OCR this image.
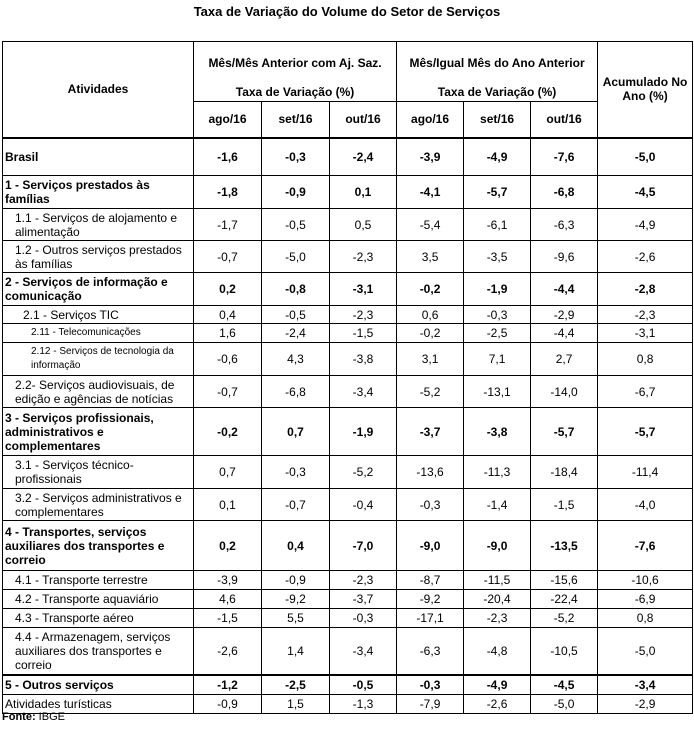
Taxa de Variação do Volume do Setor de Serviços
Atividades	Mês/Mês Anterior com Aj. Saz.			Mês/Igual Mês do Ano Anterior			Acumulado No Ano (%)
	Taxa de Variação (%)			Taxa de Variação (%)			
	ago/16	set/16	out/16	ago/16	set/16	out/16	
Brasil	-1,6	-0,3	-2,4	-3,9	-4,9	-7,6	-5,0
1 - Serviços prestados às famílias	-1,8	-0,9	0,1	-4,1	-5,7	-6,8	-4,5
1.1 - Serviços de alojamento e alimentação	-1,7	-0,5	0,5	-5,4	-6,1	-6,3	-4,9
1.2 - Outros serviços prestados às famílias	-0,7	-5,0	-2,3	3,5	-3,5	-9,6	-2,6
2 - Serviços de informação e comunicação	0,2	-0,8	-3,1	-0,2	-1,9	-4,4	-2,8
2.1 - Serviços TIC	0,4	-0,5	-2,3	0,6	-0,3	-2,9	-2,3
2.11 - Telecomunicações	1,6	-2,4	-1,5	-0,2	-2,5	-4,4	-3,1
2.12 - Serviços de tecnologia da informação	-0,6	4,3	-3,8	3,1	7,1	2,7	0,8
2.2- Serviços audiovisuais, de edição e agências de notícias	-0,7	-6,8	-3,4	-5,2	-13,1	-14,0	-6,7
3 - Serviços profissionais, administrativos e complementares	-0,2	0,7	-1,9	-3,7	-3,8	-5,7	-5,7
3.1 - Serviços técnico-profissionais	0,7	-0,3	-5,2	-13,6	-11,3	-18,4	-11,4
3.2 - Serviços administrativos e complementares	0,1	-0,7	-0,4	-0,3	-1,4	-1,5	-4,0
4 - Transportes, serviços auxiliares dos transportes e correio	0,2	0,4	-7,0	-9,0	-9,0	-13,5	-7,6
4.1 - Transporte terrestre	-3,9	-0,9	-2,3	-8,7	-11,5	-15,6	-10,6
4.2 - Transporte aquaviário	4,6	-9,2	-3,7	-9,2	-20,4	-22,4	-6,9
4.3 - Transporte aéreo	-1,5	5,5	-0,3	-17,1	-2,3	-5,2	0,8
4.4 - Armazenagem, serviços auxiliares dos transportes e correio	-2,6	1,4	-3,4	-6,3	-4,8	-10,5	-5,0
5 - Outros serviços	-1,2	-2,5	-0,5	-0,3	-4,9	-4,5	-3,4
Atividades turísticas	-0,9	1,5	-1,3	-7,9	-2,6	-5,0	-2,9
Fonte: IBGE
